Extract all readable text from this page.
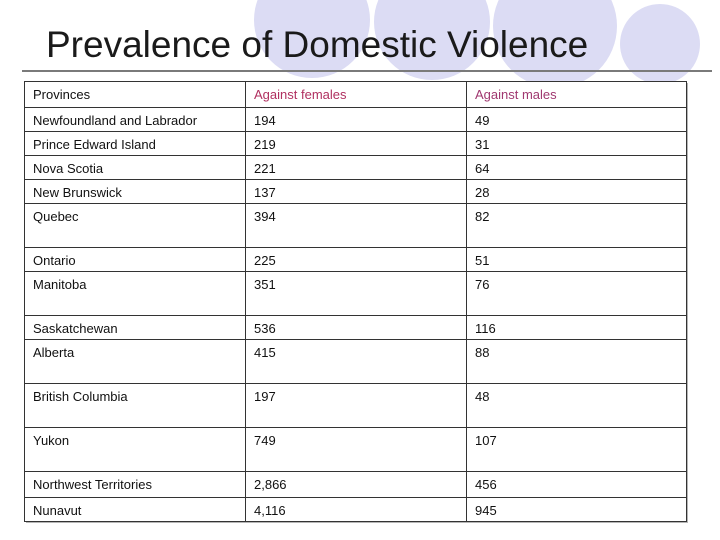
Prevalence of Domestic Violence
Provinces	Against females	Against males
Newfoundland and Labrador	194	49
Prince Edward Island	219	31
Nova Scotia	221	64
New Brunswick	137	28
Quebec	394	82
Ontario	225	51
Manitoba	351	76
Saskatchewan	536	116
Alberta	415	88
British Columbia	197	48
Yukon	749	107
Northwest Territories	2,866	456
Nunavut	4,116	945
